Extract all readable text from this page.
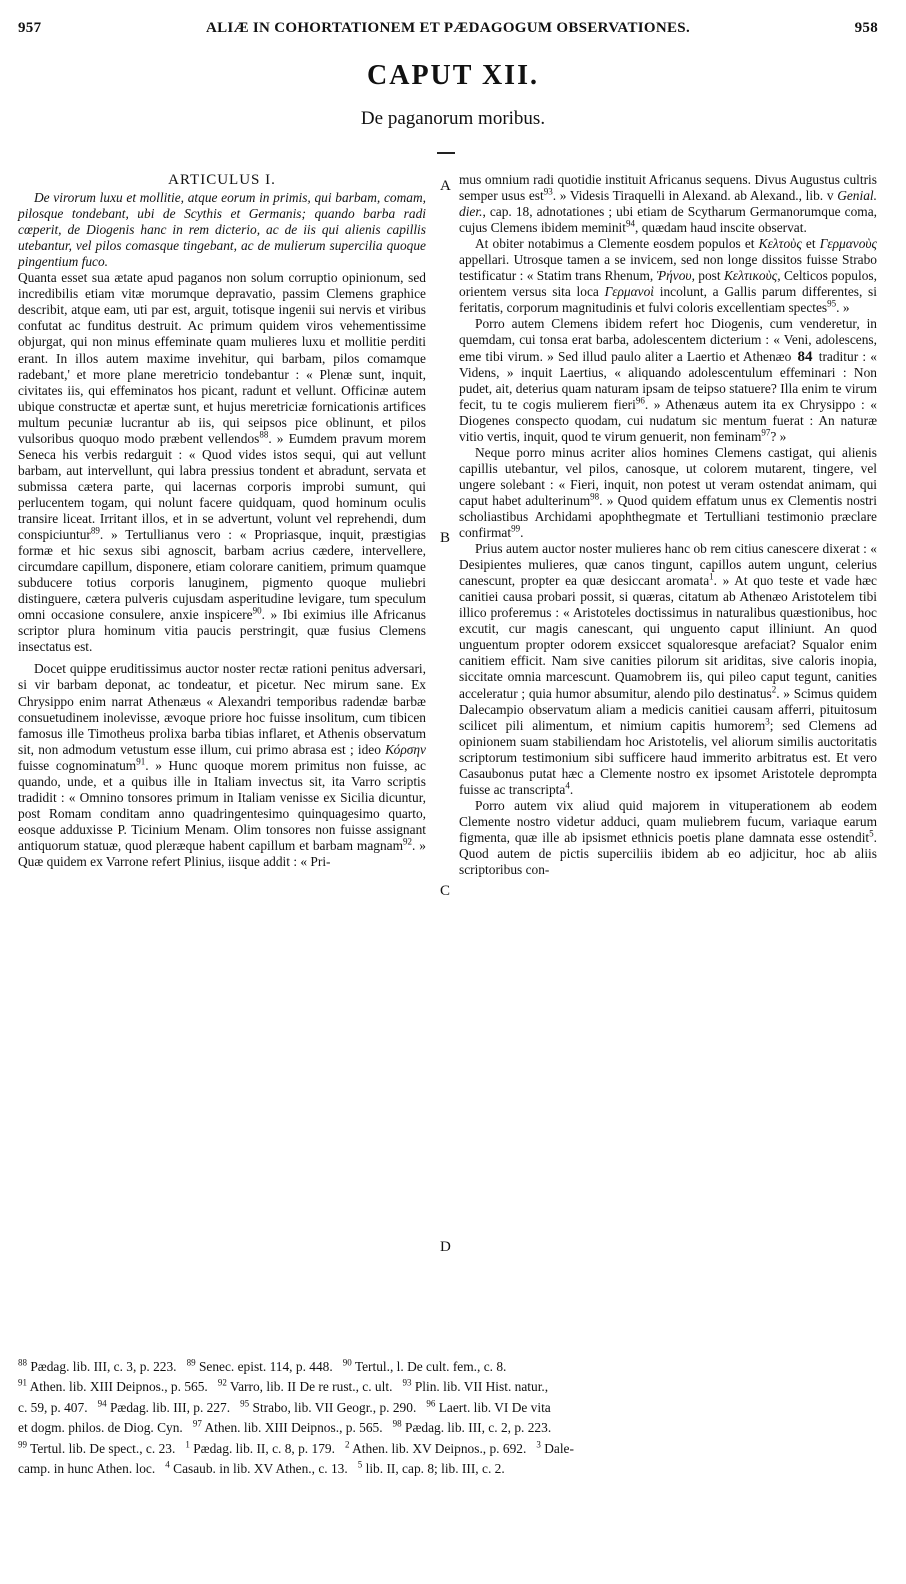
957	ALIÆ IN COHORTATIONEM ET PÆDAGOGUM OBSERVATIONES.	958
CAPUT XII.
De paganorum moribus.
ARTICULUS I.

De virorum luxu et mollitie, atque eorum in primis, qui barbam, comam, pilosque tondebant, ubi de Scythis et Germanis; quando barba radi cœperit, de Diogenis hanc in rem dicterio, ac de iis qui alienis capillis utebantur, vel pilos comasque tingebant, ac de mulierum supercilia quoque pingentium fuco.

Quanta esset sua ætate apud paganos non solum corruptio opinionum, sed incredibilis etiam vitæ morumque depravatio, passim Clemens graphice describit, atque eam, uti par est, arguit, totisque ingenii sui nervis et viribus confutat ac funditus destruit. Ac primum quidem viros vehementissime objurgat, qui non minus effeminate quam mulieres luxu et mollitie perditi erant. In illos autem maxime invehitur, qui barbam, pilos comamque radebant,' et more plane meretricio tondebantur : « Plenæ sunt, inquit, civitates iis, qui effeminatos hos picant, radunt et vellunt. Officinæ autem ubique constructæ et apertæ sunt, et hujus meretriciæ fornicationis artifices multum pecuniæ lucrantur ab iis, qui seipsos pice oblinunt, et pilos vulsoribus quoquo modo præbent vellendos$^{88}$. » Eumdem pravum morem Seneca his verbis redarguit : « Quod vides istos sequi, qui aut vellunt barbam, aut intervellunt, qui labra pressius tondent et abradunt, servata et submissa cætera parte, qui lacernas corporis improbi sumunt, qui perlucentem togam, qui nolunt facere quidquam, quod hominum oculis transire liceat. Irritant illos, et in se advertunt, volunt vel reprehendi, dum conspiciuntur$^{89}$. » Tertullianus vero : « Propriasque, inquit, præstigias formæ et hic sexus sibi agnoscit, barbam acrius cædere, intervellere, circumdare capillum, disponere, etiam colorare canitiem, primum quamque subducere totius corporis lanuginem, pigmento quoque muliebri distinguere, cætera pulveris cujusdam asperitudine levigare, tum speculum omni occasione consulere, anxie inspicere$^{90}$. » Ibi eximius ille Africanus scriptor plura hominum vitia paucis perstringit, quæ fusius Clemens insectatus est.

Docet quippe eruditissimus auctor noster rectæ rationi penitus adversari, si vir barbam deponat, ac tondeatur, et picetur. Nec mirum sane. Ex Chrysippo enim narrat Athenæus « Alexandri temporibus radendæ barbæ consuetudinem inolevisse, ævoque priore hoc fuisse insolitum, cum tibicen famosus ille Timotheus prolixa barba tibias inflaret, et Athenis observatum sit, non admodum vetustum esse illum, cui primo abrasa est ; ideo Κόρσην fuisse cognominatum$^{91}$. » Hunc quoque morem primitus non fuisse, ac quando, unde, et a quibus ille in Italiam invectus sit, ita Varro scriptis tradidit : « Omnino tonsores primum in Italiam venisse ex Sicilia dicuntur, post Romam conditam anno quadringentesimo quinquagesimo quarto, eosque adduxisse P. Ticinium Menam. Olim tonsores non fuisse assignant antiquorum statuæ, quod pleræque habent capillum et barbam magnam$^{92}$. » Quæ quidem ex Varrone refert Plinius, iisque addit : « Pri-

A
B
C
D

mus omnium radi quotidie instituit Africanus sequens. Divus Augustus cultris semper usus est$^{93}$. » Videsis Tiraquelli in Alexand. ab Alexand., lib. v Genial. dier., cap. 18, adnotationes ; ubi etiam de Scytharum Germanorumque coma, cujus Clemens ibidem meminit$^{94}$, quædam haud inscite observat.

At obiter notabimus a Clemente eosdem populos et Κελτοὺς et Γερμανοὺς appellari. Utrosque tamen a se invicem, sed non longe dissitos fuisse Strabo testificatur : « Statim trans Rhenum, Ῥήνου, post Κελτικοὺς, Celticos populos, orientem versus sita loca Γερμανοὶ incolunt, a Gallis parum differentes, si feritatis, corporum magnitudinis et fulvi coloris excellentiam spectes$^{95}$. »

Porro autem Clemens ibidem refert hoc Diogenis, cum venderetur, in quemdam, cui tonsa erat barba, adolescentem dicterium : « Veni, adolescens, eme tibi virum. » Sed illud paulo aliter a Laertio et Athenæo 84 traditur : « Videns, » inquit Laertius, « aliquando adolescentulum effeminari : Non pudet, ait, deterius quam naturam ipsam de teipso statuere? Illa enim te virum fecit, tu te cogis mulierem fieri$^{96}$. » Athenæus autem ita ex Chrysippo : « Diogenes conspecto quodam, cui nudatum sic mentum fuerat : An naturæ vitio vertis, inquit, quod te virum genuerit, non feminam$^{97}$? »

Neque porro minus acriter alios homines Clemens castigat, qui alienis capillis utebantur, vel pilos, canosque, ut colorem mutarent, tingere, vel ungere solebant : « Fieri, inquit, non potest ut veram ostendat animam, qui caput habet adulterinum$^{98}$. » Quod quidem effatum unus ex Clementis nostri scholiastibus Archidami apophthegmate et Tertulliani testimonio præclare confirmat$^{99}$.

Prius autem auctor noster mulieres hanc ob rem citius canescere dixerat : « Desipientes mulieres, quæ canos tingunt, capillos autem ungunt, celerius canescunt, propter ea quæ desiccant aromata$^1$. » At quo teste et vade hæc canitiei causa probari possit, si quæras, citatum ab Athenæo Aristotelem tibi illico proferemus : « Aristoteles doctissimus in naturalibus quæstionibus, hoc excutit, cur magis canescant, qui unguento caput illiniunt. An quod unguentum propter odorem exsiccet squaloresque arefaciat? Squalor enim canitiem efficit. Nam sive canities pilorum sit ariditas, sive caloris inopia, siccitate omnia marcescunt. Quamobrem iis, qui pileo caput tegunt, canities acceleratur ; quia humor absumitur, alendo pilo destinatus$^2$. » Scimus quidem Dalecampio observatum aliam a medicis canitiei causam afferri, pituitosum scilicet pili alimentum, et nimium capitis humorem$^3$; sed Clemens ad opinionem suam stabiliendam hoc Aristotelis, vel aliorum similis auctoritatis scriptorum testimonium sibi sufficere haud immerito arbitratus est. Et vero Casaubonus putat hæc a Clemente nostro ex ipsomet Aristotele deprompta fuisse ac transcripta$^4$.

Porro autem vix aliud quid majorem in vituperationem ab eodem Clemente nostro videtur adduci, quam muliebrem fucum, variaque earum figmenta, quæ ille ab ipsismet ethnicis poetis plane damnata esse ostendit$^5$. Quod autem de pictis superciliis ibidem ab eo adjicitur, hoc ab aliis scriptoribus con-

$^{88}$ Pædag. lib. III, c. 3, p. 223. $^{89}$ Senec. epist. 114, p. 448. $^{90}$ Tertul., l. De cult. fem., c. 8.
$^{91}$ Athen. lib. XIII Deipnos., p. 565. $^{92}$ Varro, lib. II De re rust., c. ult. $^{93}$ Plin. lib. VII Hist. natur.,
c. 59, p. 407. $^{94}$ Pædag. lib. III, p. 227. $^{95}$ Strabo, lib. VII Geogr., p. 290. $^{96}$ Laert. lib. VI De vita
et dogm. philos. de Diog. Cyn. $^{97}$ Athen. lib. XIII Deipnos., p. 565. $^{98}$ Pædag. lib. III, c. 2, p. 223.
$^{99}$ Tertul. lib. De spect., c. 23. $^1$ Pædag. lib. II, c. 8, p. 179. $^2$ Athen. lib. XV Deipnos., p. 692. $^3$ Dale-
camp. in hunc Athen. loc. $^4$ Casaub. in lib. XV Athen., c. 13. $^5$ lib. II, cap. 8; lib. III, c. 2.
